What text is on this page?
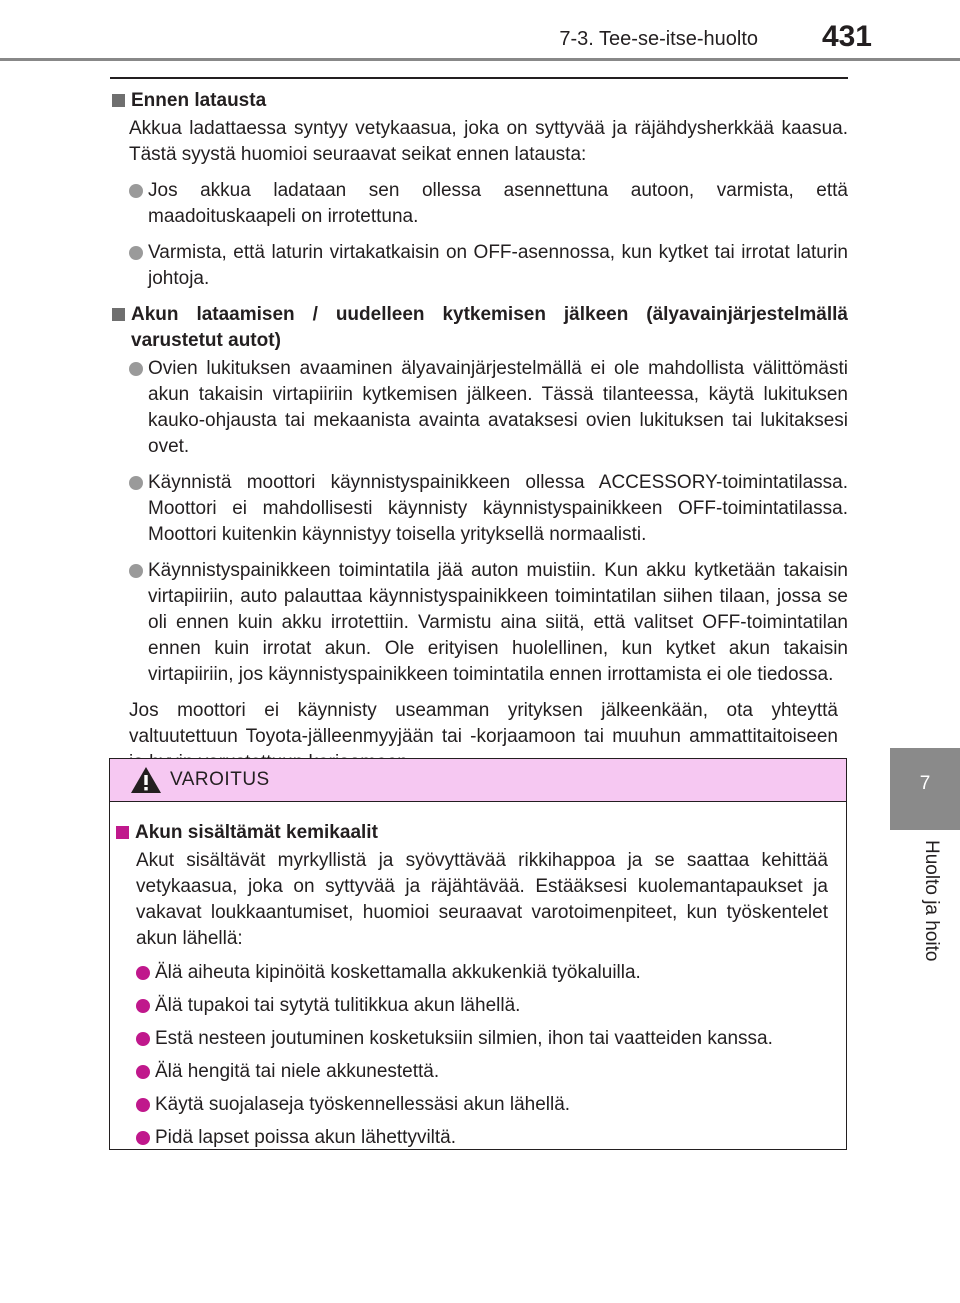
7-3. Tee-se-itse-huolto 431
7
Huolto ja hoito
Ennen latausta
Akkua ladattaessa syntyy vetykaasua, joka on syttyvää ja räjähdysherkkää kaasua. Tästä syystä huomioi seuraavat seikat ennen latausta:
Jos akkua ladataan sen ollessa asennettuna autoon, varmista, että maadoituskaapeli on irrotettuna.
Varmista, että laturin virtakatkaisin on OFF-asennossa, kun kytket tai irrotat laturin johtoja.
Akun lataamisen / uudelleen kytkemisen jälkeen (älyavainjärjestelmällä varustetut autot)
Ovien lukituksen avaaminen älyavainjärjestelmällä ei ole mahdollista välittömästi akun takaisin virtapiiriin kytkemisen jälkeen. Tässä tilanteessa, käytä lukituksen kauko-ohjausta tai mekaanista avainta avataksesi ovien lukituksen tai lukitaksesi ovet.
Käynnistä moottori käynnistyspainikkeen ollessa ACCESSORY-toimintatilassa. Moottori ei mahdollisesti käynnisty käynnistyspainikkeen OFF-toimintatilassa. Moottori kuitenkin käynnistyy toisella yrityksellä normaalisti.
Käynnistyspainikkeen toimintatila jää auton muistiin. Kun akku kytketään takaisin virtapiiriin, auto palauttaa käynnistyspainikkeen toimintatilan siihen tilaan, jossa se oli ennen kuin akku irrotettiin. Varmistu aina siitä, että valitset OFF-toimintatilan ennen kuin irrotat akun. Ole erityisen huolellinen, kun kytket akun takaisin virtapiiriin, jos käynnistyspainikkeen toimintatila ennen irrottamista ei ole tiedossa.
Jos moottori ei käynnisty useamman yrityksen jälkeenkään, ota yhteyttä valtuutettuun Toyota-jälleenmyyjään tai -korjaamoon tai muuhun ammattitaitoiseen
VAROITUS
Akun sisältämät kemikaalit
Akut sisältävät myrkyllistä ja syövyttävää rikkihappoa ja se saattaa kehittää vetykaasua, joka on syttyvää ja räjähtävää. Estääksesi kuolemantapaukset ja vakavat loukkaantumiset, huomioi seuraavat varotoimenpiteet, kun työskentelet akun lähellä:
Älä aiheuta kipinöitä koskettamalla akkukenkiä työkaluilla.
Älä tupakoi tai sytytä tulitikkua akun lähellä.
Estä nesteen joutuminen kosketuksiin silmien, ihon tai vaatteiden kanssa.
Älä hengitä tai niele akkunestettä.
Käytä suojalaseja työskennellessäsi akun lähellä.
Pidä lapset poissa akun lähettyviltä.
